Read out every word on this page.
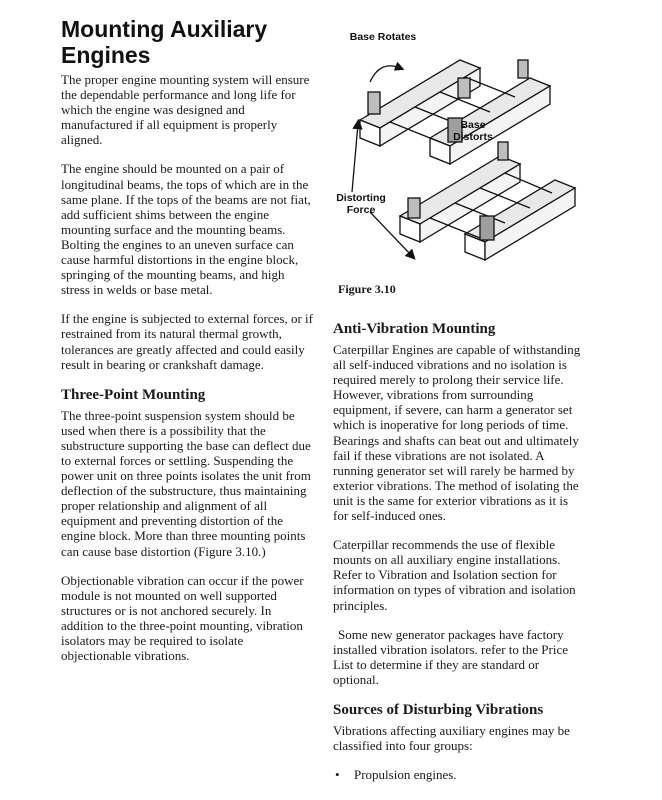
Mounting Auxiliary Engines

The proper engine mounting system will ensure the dependable performance and long life for which the engine was designed and manufactured if all equipment is properly aligned.

The engine should be mounted on a pair of longitudinal beams, the tops of which are in the same plane. If the tops of the beams are not fiat, add sufficient shims between the engine mounting surface and the mounting beams. Bolting the engines to an uneven surface can cause harmful distortions in the engine block, springing of the mounting beams, and high stress in welds or base metal.

If the engine is subjected to external forces, or if restrained from its natural thermal growth, tolerances are greatly affected and could easily result in bearing or crankshaft damage.

Three-Point Mounting

The three-point suspension system should be used when there is a possibility that the substructure supporting the base can deflect due to external forces or settling. Suspending the power unit on three points isolates the unit from deflection of the substructure, thus maintaining proper relationship and alignment of all equipment and preventing distortion of the engine block. More than three mounting points can cause base distortion (Figure 3.10.)

Objectionable vibration can occur if the power module is not mounted on well supported structures or is not anchored securely. In addition to the three-point mounting, vibration isolators may be required to isolate objectionable vibrations.

Base Rotates
Base Distorts
Distorting Force

Figure 3.10

Anti-Vibration Mounting

Caterpillar Engines are capable of withstanding all self-induced vibrations and no isolation is required merely to prolong their service life. However, vibrations from surrounding equipment, if severe, can harm a generator set which is inoperative for long periods of time. Bearings and shafts can beat out and ultimately fail if these vibrations are not isolated. A running generator set will rarely be harmed by exterior vibrations. The method of isolating the unit is the same for exterior vibrations as it is for self-induced ones.

Caterpillar recommends the use of flexible mounts on all auxiliary engine installations. Refer to Vibration and Isolation section for information on types of vibration and isolation principles.

Some new generator packages have factory installed vibration isolators. refer to the Price List to determine if they are standard or optional.

Sources of Disturbing Vibrations

Vibrations affecting auxiliary engines may be classified into four groups:

• Propulsion engines.
